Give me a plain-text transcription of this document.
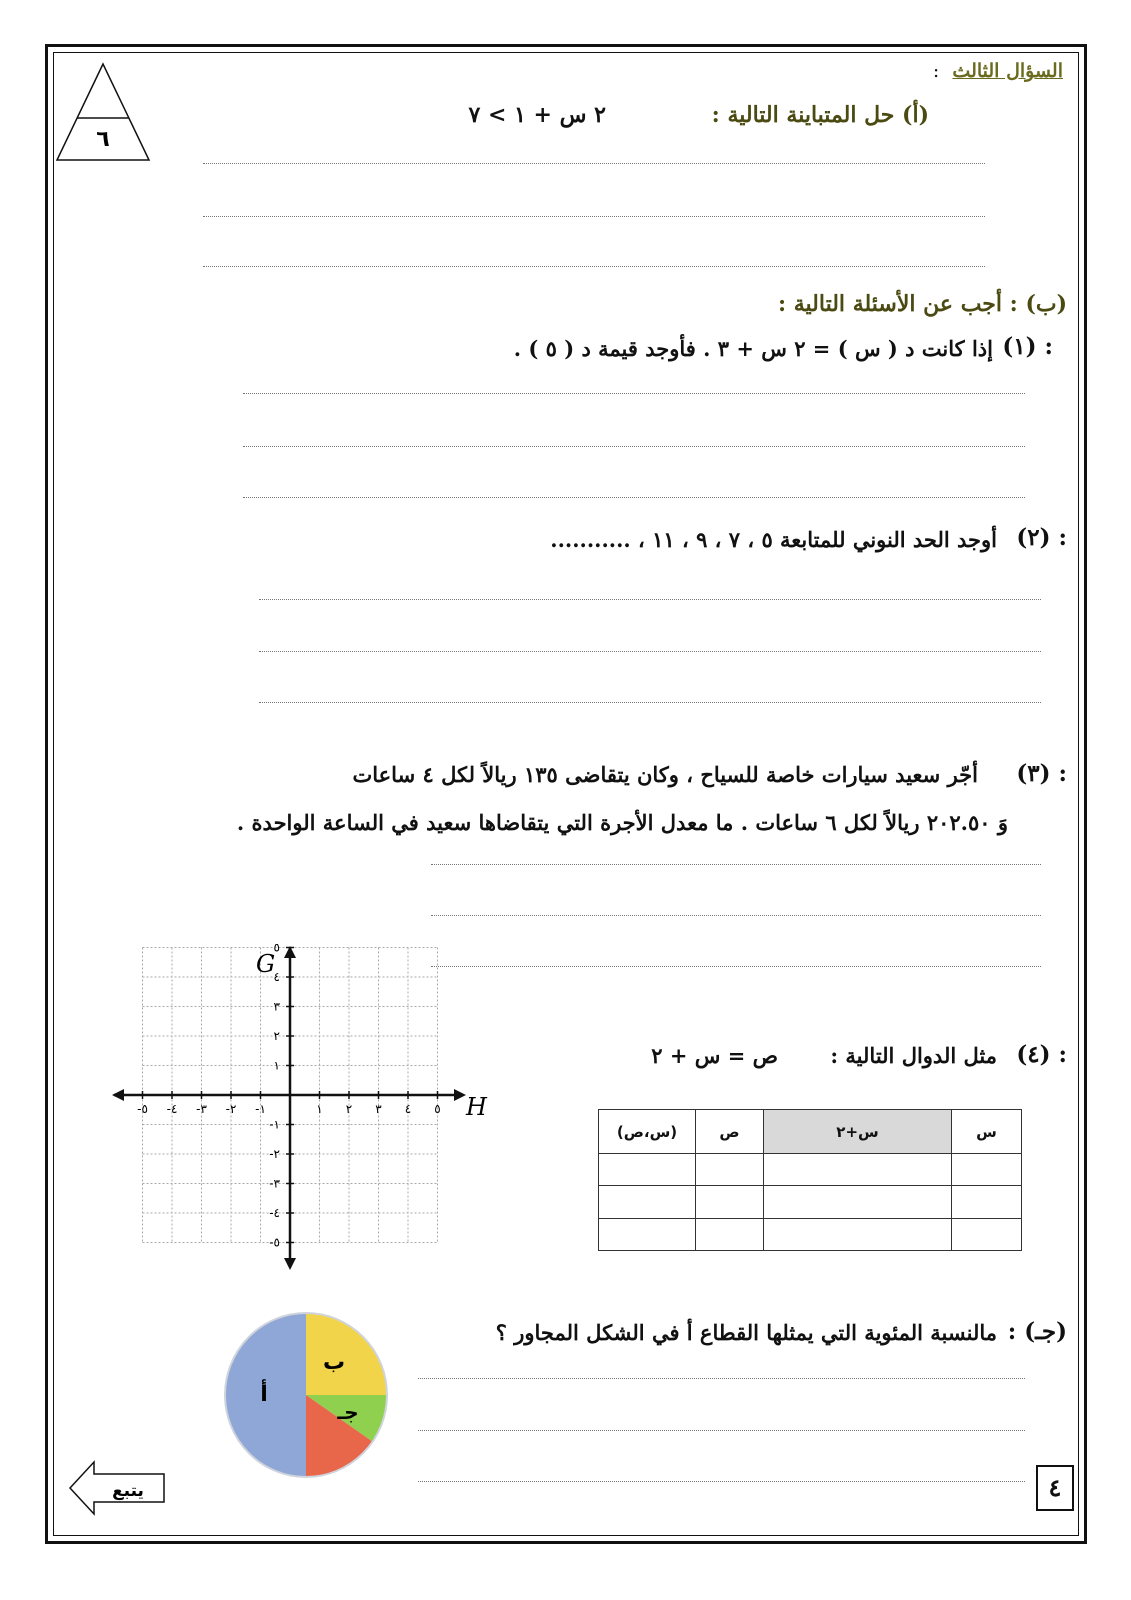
٦
السؤال الثالث :
(أ) حل المتباينة التالية :
٢ س + ١ > ٧
(ب) : أجب عن الأسئلة التالية :
(١) :
إذا كانت د ( س ) = ٢ س + ٣ . فأوجد قيمة د ( ٥ ) .
(٢) :
أوجد الحد النوني للمتابعة ٥ ، ٧ ، ٩ ، ١١ ، ...........
(٣) :
أجّر سعيد سيارات خاصة للسياح ، وكان يتقاضى ١٣٥ ريالاً لكل ٤ ساعات
وَ ٢٠٢.٥٠ ريالاً لكل ٦ ساعات . ما معدل الأجرة التي يتقاضاها سعيد في الساعة الواحدة .
(٤) :
مثل الدوال التالية :
ص = س + ٢
س	س+٢	ص	(س،ص)

١
-١
١
-١
٢
-٢
٢
-٢
٣
-٣
٣
-٣
٤
-٤
٤
-٤
٥
-٥
٥
-٥
G
H
(جـ) :
مالنسبة المئوية التي يمثلها القطاع أ في الشكل المجاور ؟
أ
ب
جـ
يتبع	٤
